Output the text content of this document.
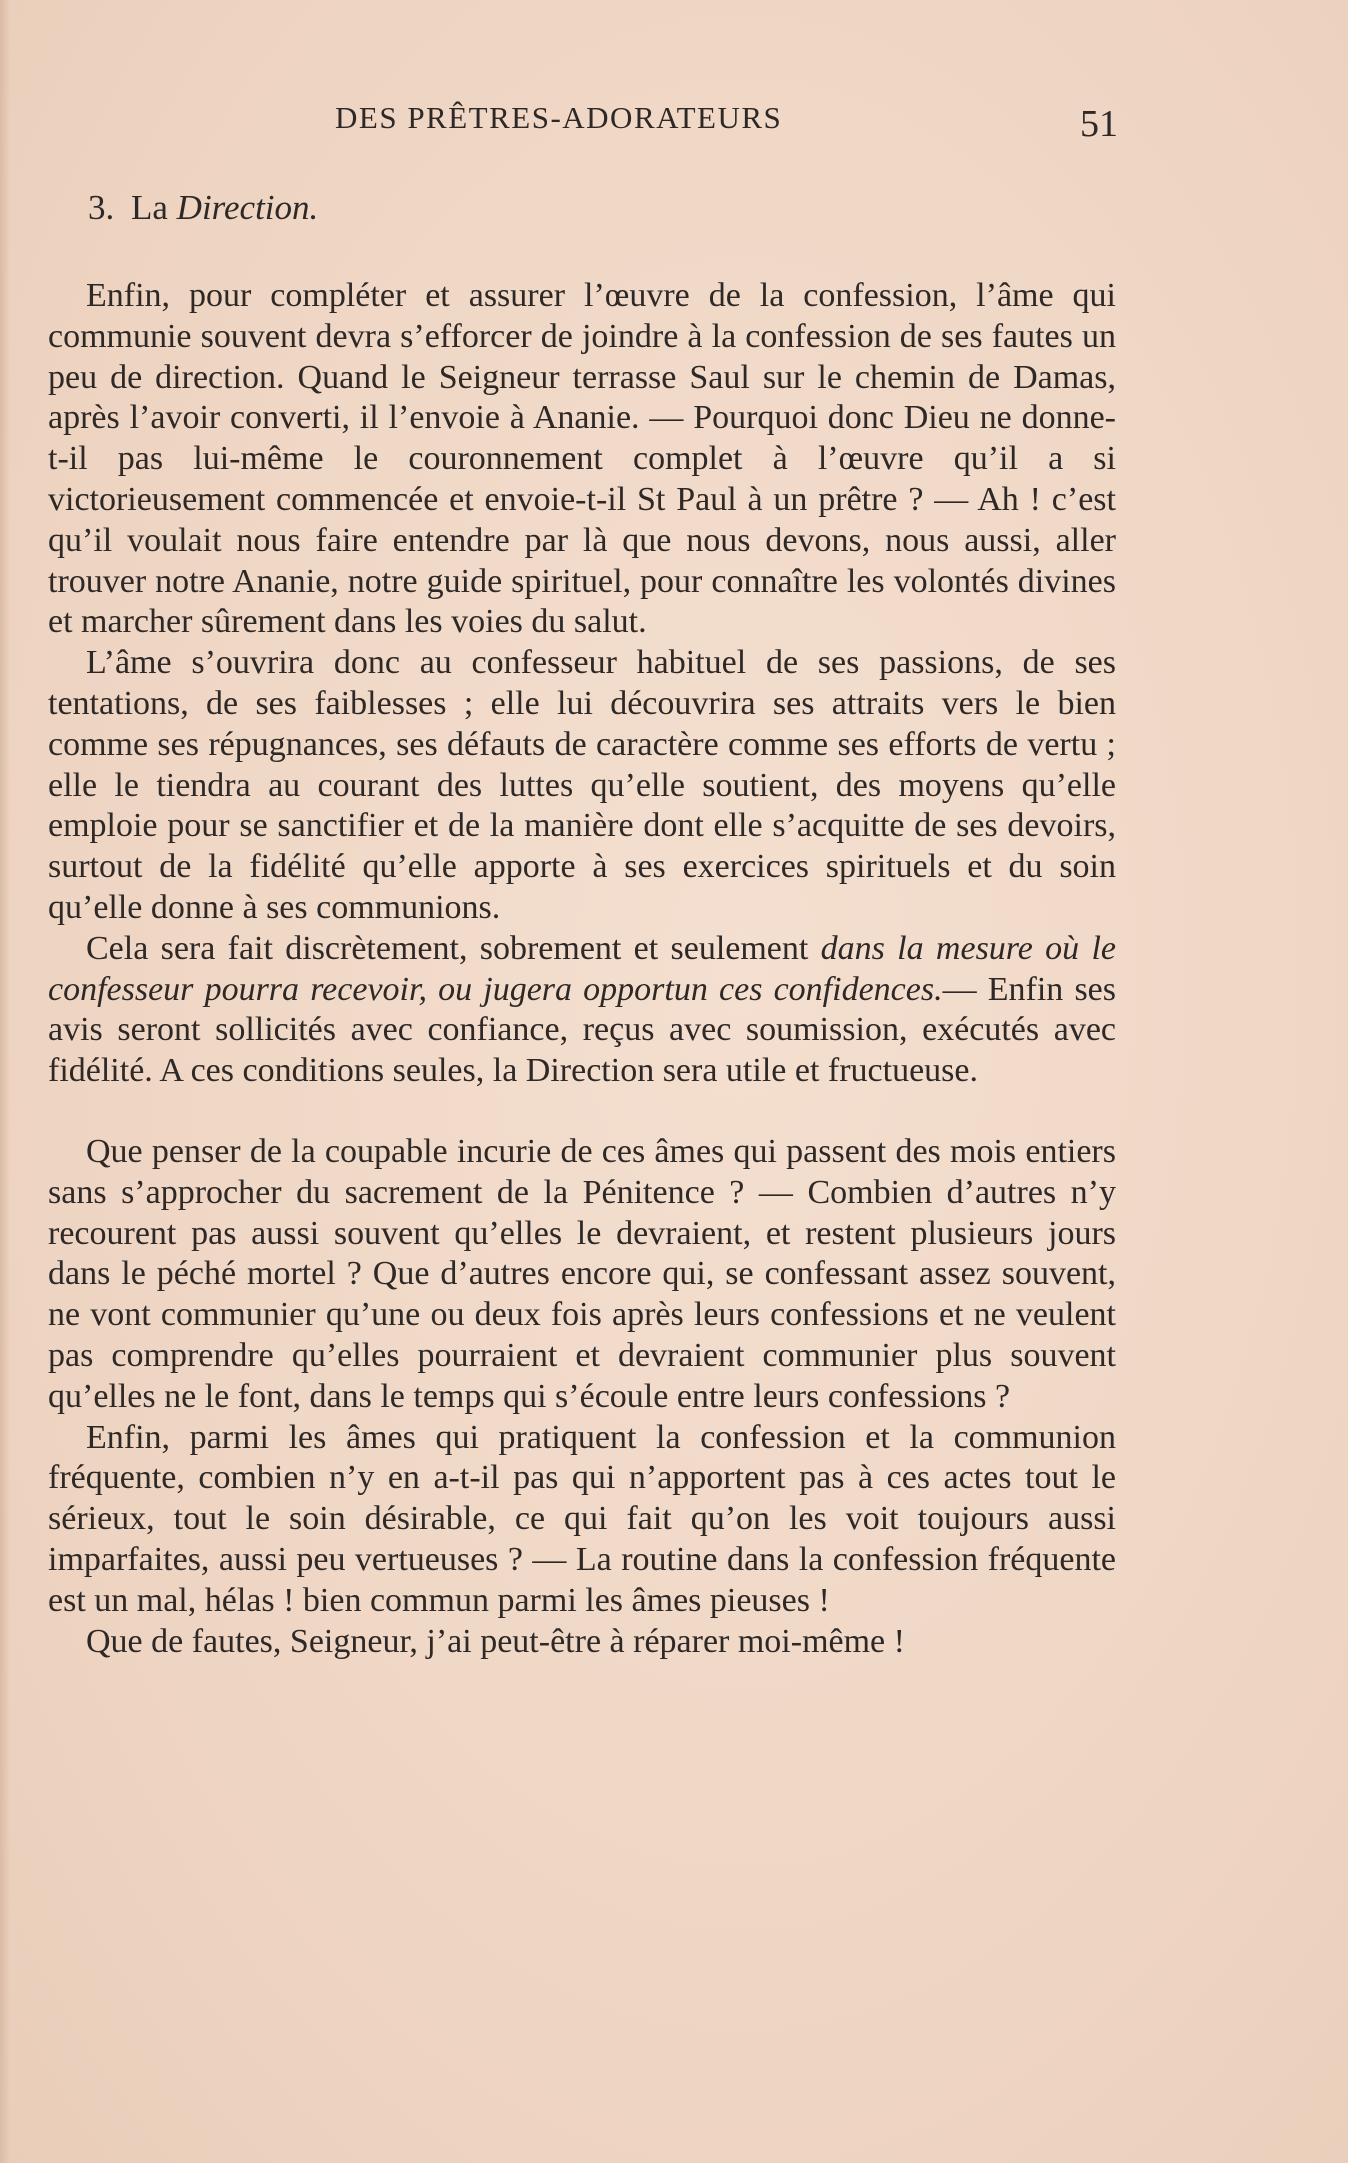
DES PRÊTRES-ADORATEURS	51
3. La Direction.

Enfin, pour compléter et assurer l’œuvre de la confession, l’âme qui communie souvent devra s’efforcer de joindre à la confession de ses fautes un peu de direction. Quand le Seigneur terrasse Saul sur le chemin de Damas, après l’avoir converti, il l’envoie à Ananie. — Pourquoi donc Dieu ne donne-t-il pas lui-même le couronnement complet à l’œuvre qu’il a si victorieusement commencée et envoie-t-il St Paul à un prêtre ? — Ah ! c’est qu’il voulait nous faire entendre par là que nous devons, nous aussi, aller trouver notre Ananie, notre guide spirituel, pour connaître les volontés divines et marcher sûrement dans les voies du salut.

L’âme s’ouvrira donc au confesseur habituel de ses passions, de ses tentations, de ses faiblesses ; elle lui découvrira ses attraits vers le bien comme ses répugnances, ses défauts de caractère comme ses efforts de vertu ; elle le tiendra au courant des luttes qu’elle soutient, des moyens qu’elle emploie pour se sanctifier et de la manière dont elle s’acquitte de ses devoirs, surtout de la fidélité qu’elle apporte à ses exercices spirituels et du soin qu’elle donne à ses communions.

Cela sera fait discrètement, sobrement et seulement dans la mesure où le confesseur pourra recevoir, ou jugera opportun ces confidences.— Enfin ses avis seront sollicités avec confiance, reçus avec soumission, exécutés avec fidélité. A ces conditions seules, la Direction sera utile et fructueuse.

Que penser de la coupable incurie de ces âmes qui passent des mois entiers sans s’approcher du sacrement de la Pénitence ? — Combien d’autres n’y recourent pas aussi souvent qu’elles le devraient, et restent plusieurs jours dans le péché mortel ? Que d’autres encore qui, se confessant assez souvent, ne vont communier qu’une ou deux fois après leurs confessions et ne veulent pas comprendre qu’elles pourraient et devraient communier plus souvent qu’elles ne le font, dans le temps qui s’écoule entre leurs confessions ?

Enfin, parmi les âmes qui pratiquent la confession et la communion fréquente, combien n’y en a-t-il pas qui n’apportent pas à ces actes tout le sérieux, tout le soin désirable, ce qui fait qu’on les voit toujours aussi imparfaites, aussi peu vertueuses ? — La routine dans la confession fréquente est un mal, hélas ! bien commun parmi les âmes pieuses !

Que de fautes, Seigneur, j’ai peut-être à réparer moi-même !
